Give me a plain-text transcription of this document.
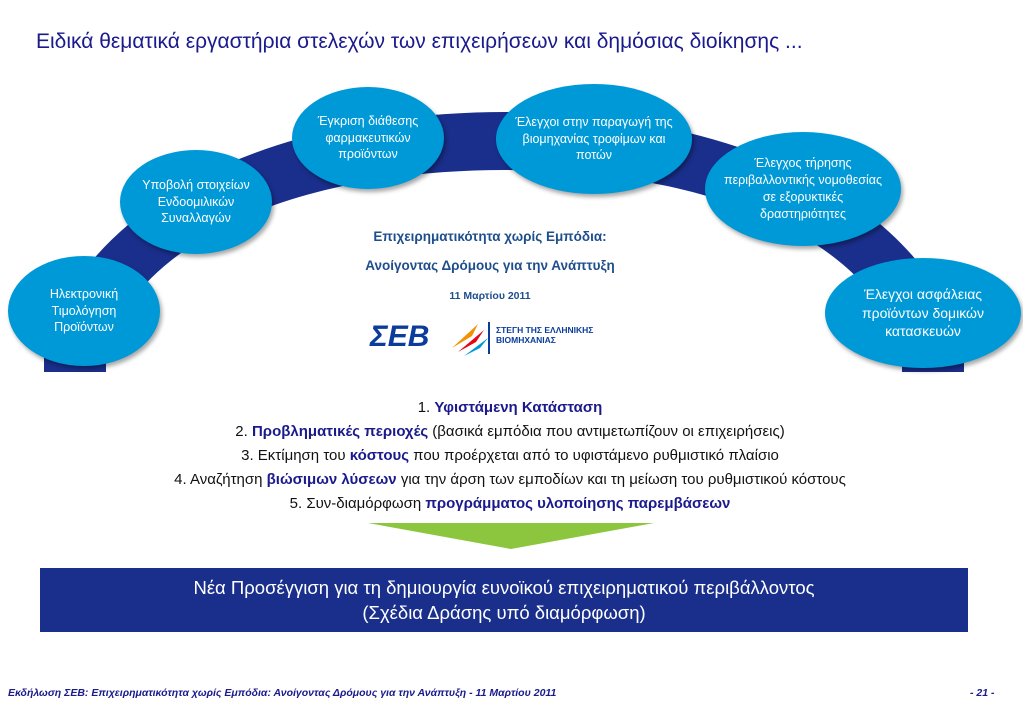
Ειδικά θεματικά εργαστήρια στελεχών των επιχειρήσεων και δημόσιας διοίκησης ...
Ηλεκτρονική Τιμολόγηση Προϊόντων
Υποβολή στοιχείων Ενδοομιλικών Συναλλαγών
Έγκριση διάθεσης φαρμακευτικών προϊόντων
Έλεγχοι στην παραγωγή της βιομηχανίας τροφίμων και ποτών
Έλεγχος τήρησης περιβαλλοντικής νομοθεσίας σε εξορυκτικές δραστηριότητες
Έλεγχοι ασφάλειας προϊόντων δομικών κατασκευών
Επιχειρηματικότητα χωρίς Εμπόδια:
Ανοίγοντας Δρόμους για την Ανάπτυξη
11 Μαρτίου 2011
ΣΕΒ	ΣΤΕΓΗ ΤΗΣ ΕΛΛΗΝΙΚΗΣ
ΒΙΟΜΗΧΑΝΙΑΣ
1. Υφιστάμενη Κατάσταση
2. Προβληματικές περιοχές (βασικά εμπόδια που αντιμετωπίζουν οι επιχειρήσεις)
3. Εκτίμηση του κόστους που προέρχεται από το υφιστάμενο ρυθμιστικό πλαίσιο
4. Αναζήτηση βιώσιμων λύσεων για την άρση των εμποδίων και τη μείωση του ρυθμιστικού κόστους
5. Συν-διαμόρφωση προγράμματος υλοποίησης παρεμβάσεων
Νέα Προσέγγιση για τη δημιουργία ευνοϊκού επιχειρηματικού περιβάλλοντος
(Σχέδια Δράσης υπό διαμόρφωση)
Εκδήλωση ΣΕΒ: Επιχειρηματικότητα χωρίς Εμπόδια: Ανοίγοντας Δρόμους για την Ανάπτυξη - 11 Μαρτίου 2011	- 21 -
